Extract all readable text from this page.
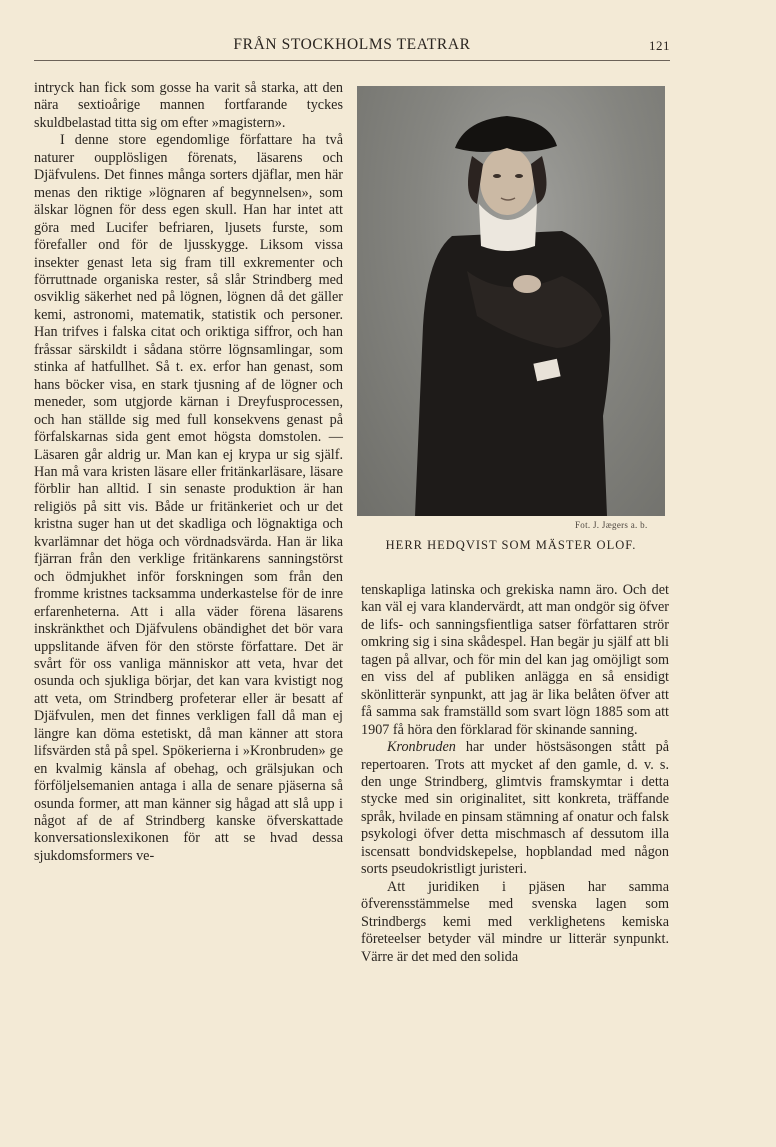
FRÅN STOCKHOLMS TEATRAR	121

intryck han fick som gosse ha varit så starka, att den nära sextioårige mannen fortfarande tyckes skuldbelastad titta sig om efter »magistern».

I denne store egendomlige författare ha två naturer oupplösligen förenats, läsarens och Djäfvulens. Det finnes många sorters djäflar, men här menas den riktige »lögnaren af begynnelsen», som älskar lögnen för dess egen skull. Han har intet att göra med Lucifer befriaren, ljusets furste, som förefaller ond för de ljusskygge. Liksom vissa insekter genast leta sig fram till exkrementer och förruttnade organiska rester, så slår Strindberg med osviklig säkerhet ned på lögnen, lögnen då det gäller kemi, astronomi, matematik, statistik och personer. Han trifves i falska citat och oriktiga siffror, och han fråssar särskildt i sådana större lögnsamlingar, som stinka af hatfullhet. Så t. ex. erfor han genast, som hans böcker visa, en stark tjusning af de lögner och meneder, som utgjorde kärnan i Dreyfusprocessen, och han ställde sig med full konsekvens genast på förfalskarnas sida gent emot högsta domstolen. — Läsaren går aldrig ur. Man kan ej krypa ur sig själf. Han må vara kristen läsare eller fritänkarläsare, läsare förblir han alltid. I sin senaste produktion är han religiös på sitt vis. Både ur fritänkeriet och ur det kristna suger han ut det skadliga och lögnaktiga och kvarlämnar det höga och vördnadsvärda. Han är lika fjärran från den verklige fritänkarens sanningstörst och ödmjukhet inför forskningen som från den fromme kristnes tacksamma underkastelse för de inre erfarenheterna. Att i alla väder förena läsarens inskränkthet och Djäfvulens obändighet det bör vara uppslitande äfven för den störste författare. Det är svårt för oss vanliga människor att veta, hvar det osunda och sjukliga börjar, det kan vara kvistigt nog att veta, om Strindberg profeterar eller är besatt af Djäfvulen, men det finnes verkligen fall då man ej längre kan döma estetiskt, då man känner att stora lifsvärden stå på spel. Spökerierna i »Kronbruden» ge en kvalmig känsla af obehag, och grälsjukan och förföljelsemanien antaga i alla de senare pjäserna så osunda former, att man känner sig hågad att slå upp i något af de af Strindberg kanske öfverskattade konversationslexikonen för att se hvad dessa sjukdomsformers ve-

Fot. J. Jægers a. b.
HERR HEDQVIST SOM MÄSTER OLOF.

tenskapliga latinska och grekiska namn äro. Och det kan väl ej vara klandervärdt, att man ondgör sig öfver de lifs- och sanningsfientliga satser författaren strör omkring sig i sina skådespel. Han begär ju själf att bli tagen på allvar, och för min del kan jag omöjligt som en viss del af publiken anlägga en så ensidigt skönlitterär synpunkt, att jag är lika belåten öfver att få samma sak framställd som svart lögn 1885 som att 1907 få höra den förklarad för skinande sanning.

Kronbruden har under höstsäsongen stått på repertoaren. Trots att mycket af den gamle, d. v. s. den unge Strindberg, glimtvis framskymtar i detta stycke med sin originalitet, sitt konkreta, träffande språk, hvilade en pinsam stämning af onatur och falsk psykologi öfver detta mischmasch af dessutom illa iscensatt bondvidskepelse, hopblandad med någon sorts pseudokristligt juristeri.

Att juridiken i pjäsen har samma öfverensstämmelse med svenska lagen som Strindbergs kemi med verklighetens kemiska företeelser betyder väl mindre ur litterär synpunkt. Värre är det med den solida
